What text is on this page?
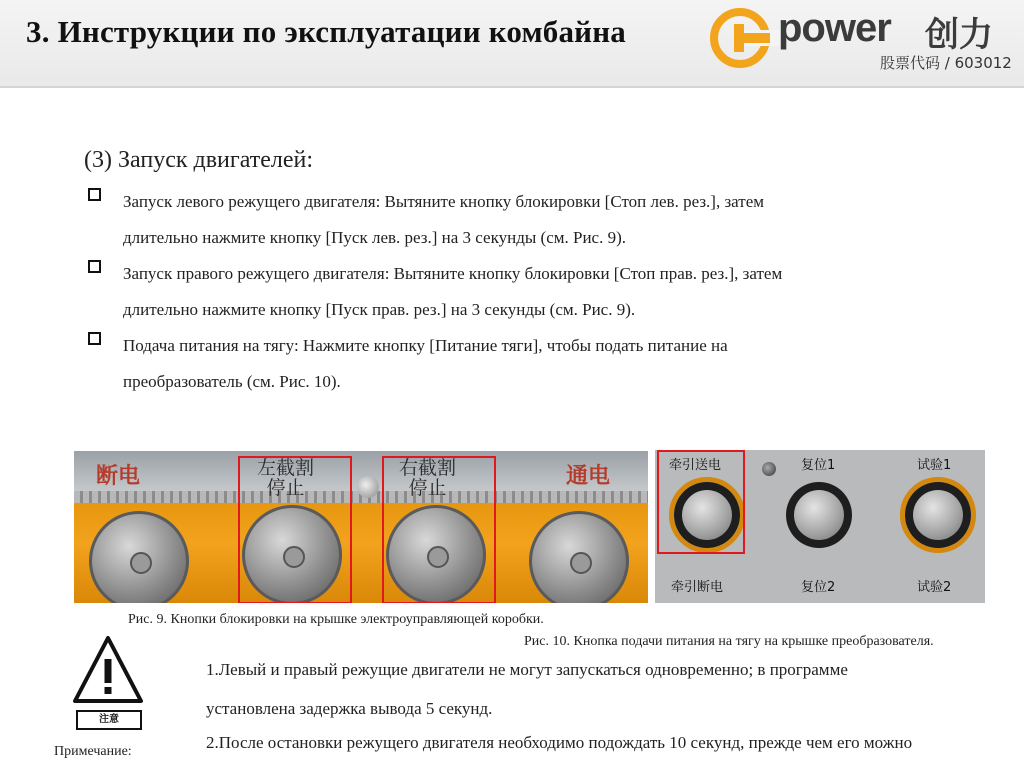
3. Инструкции по эксплуатации комбайна	power 创力
股票代码 / 603012
(3) Запуск двигателей:
Запуск левого режущего двигателя: Вытяните кнопку блокировки [Стоп лев. рез.], затем
длительно нажмите кнопку [Пуск лев. рез.] на 3 секунды (см. Рис. 9).
Запуск правого режущего двигателя: Вытяните кнопку блокировки [Стоп прав. рез.], затем
длительно нажмите кнопку [Пуск прав. рез.] на 3 секунды (см. Рис. 9).
Подача питания на тягу: Нажмите кнопку [Питание тяги], чтобы подать питание на
преобразователь (см. Рис. 10).
断电	通电
左截割
停止
右截割
停止
牵引送电	复位1	试验1
牵引断电	复位2	试验2
Рис. 9. Кнопки блокировки на крышке электроуправляющей коробки.
Рис. 10. Кнопка подачи питания на тягу на крышке преобразователя.
注意
Примечание:
1.Левый и правый режущие двигатели не могут запускаться одновременно; в программе
установлена задержка вывода 5 секунд.
2.После остановки режущего двигателя необходимо подождать 10 секунд, прежде чем его можно
